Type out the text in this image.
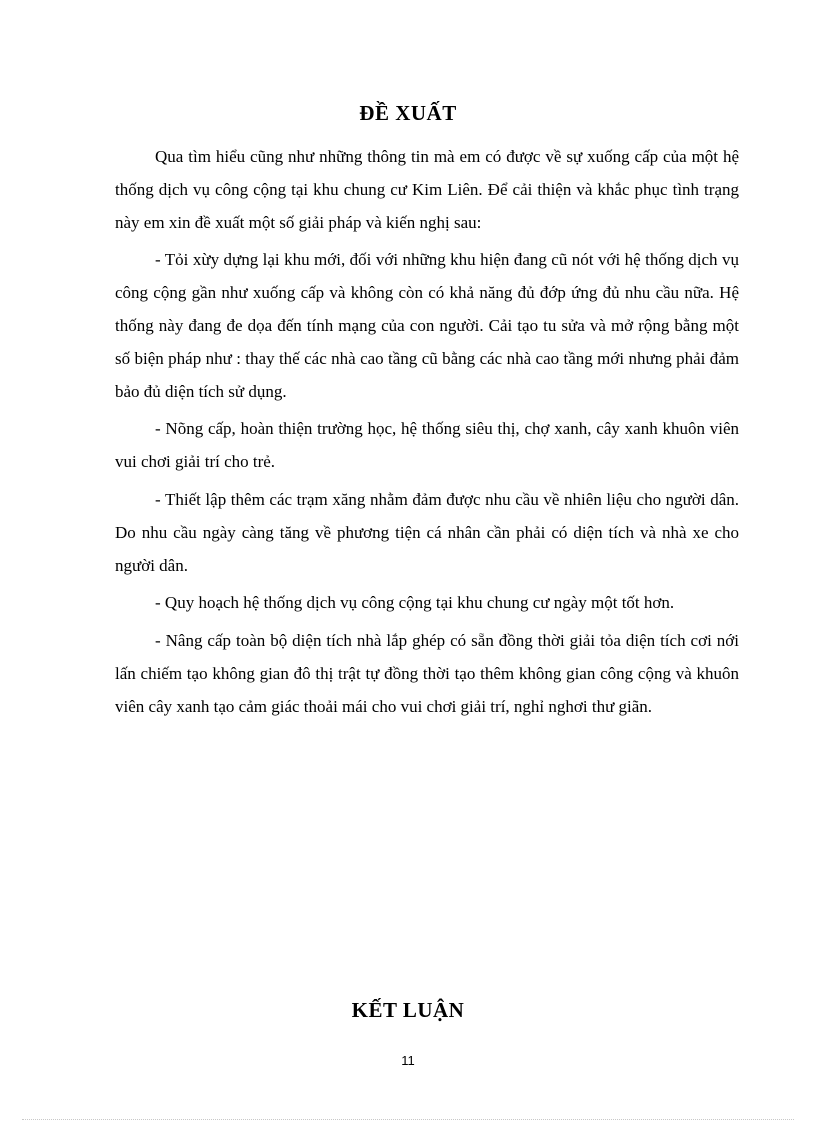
ĐỀ XUẤT

Qua tìm hiểu cũng như những thông tin mà em có được về sự xuống cấp của một hệ thống dịch vụ công cộng tại khu chung cư Kim Liên. Để cải thiện và khắc phục tình trạng này em xin đề xuất một số giải pháp và kiến nghị sau:

- Tỏi xừy dựng lại khu mới, đối với những khu hiện đang cũ nót với hệ thống dịch vụ công cộng gần như xuống cấp và không còn có khả năng đủ đớp ứng đủ nhu cầu nữa. Hệ thống này đang đe dọa đến tính mạng của con người. Cải tạo tu sửa và mở rộng bằng một số biện pháp như : thay thế các nhà cao tầng cũ bằng các nhà cao tầng mới nhưng phải đảm bảo đủ diện tích sử dụng.

- Nõng cấp, hoàn thiện trường học, hệ thống siêu thị, chợ xanh, cây xanh khuôn viên vui chơi giải trí cho trẻ.

- Thiết lập thêm các trạm xăng nhằm đảm được nhu cầu về nhiên liệu cho người dân. Do nhu cầu ngày càng tăng về phương tiện cá nhân cần phải có diện tích và nhà xe cho người dân.

- Quy hoạch hệ thống dịch vụ công cộng tại khu chung cư ngày một tốt hơn.

- Nâng cấp toàn bộ diện tích nhà lắp ghép có sẵn đồng thời giải tỏa diện tích cơi nới lấn chiếm tạo không gian đô thị trật tự đồng thời tạo thêm không gian công cộng và khuôn viên cây xanh tạo cảm giác thoải mái cho vui chơi giải trí, nghỉ nghơi thư giãn.

KẾT LUẬN
11
